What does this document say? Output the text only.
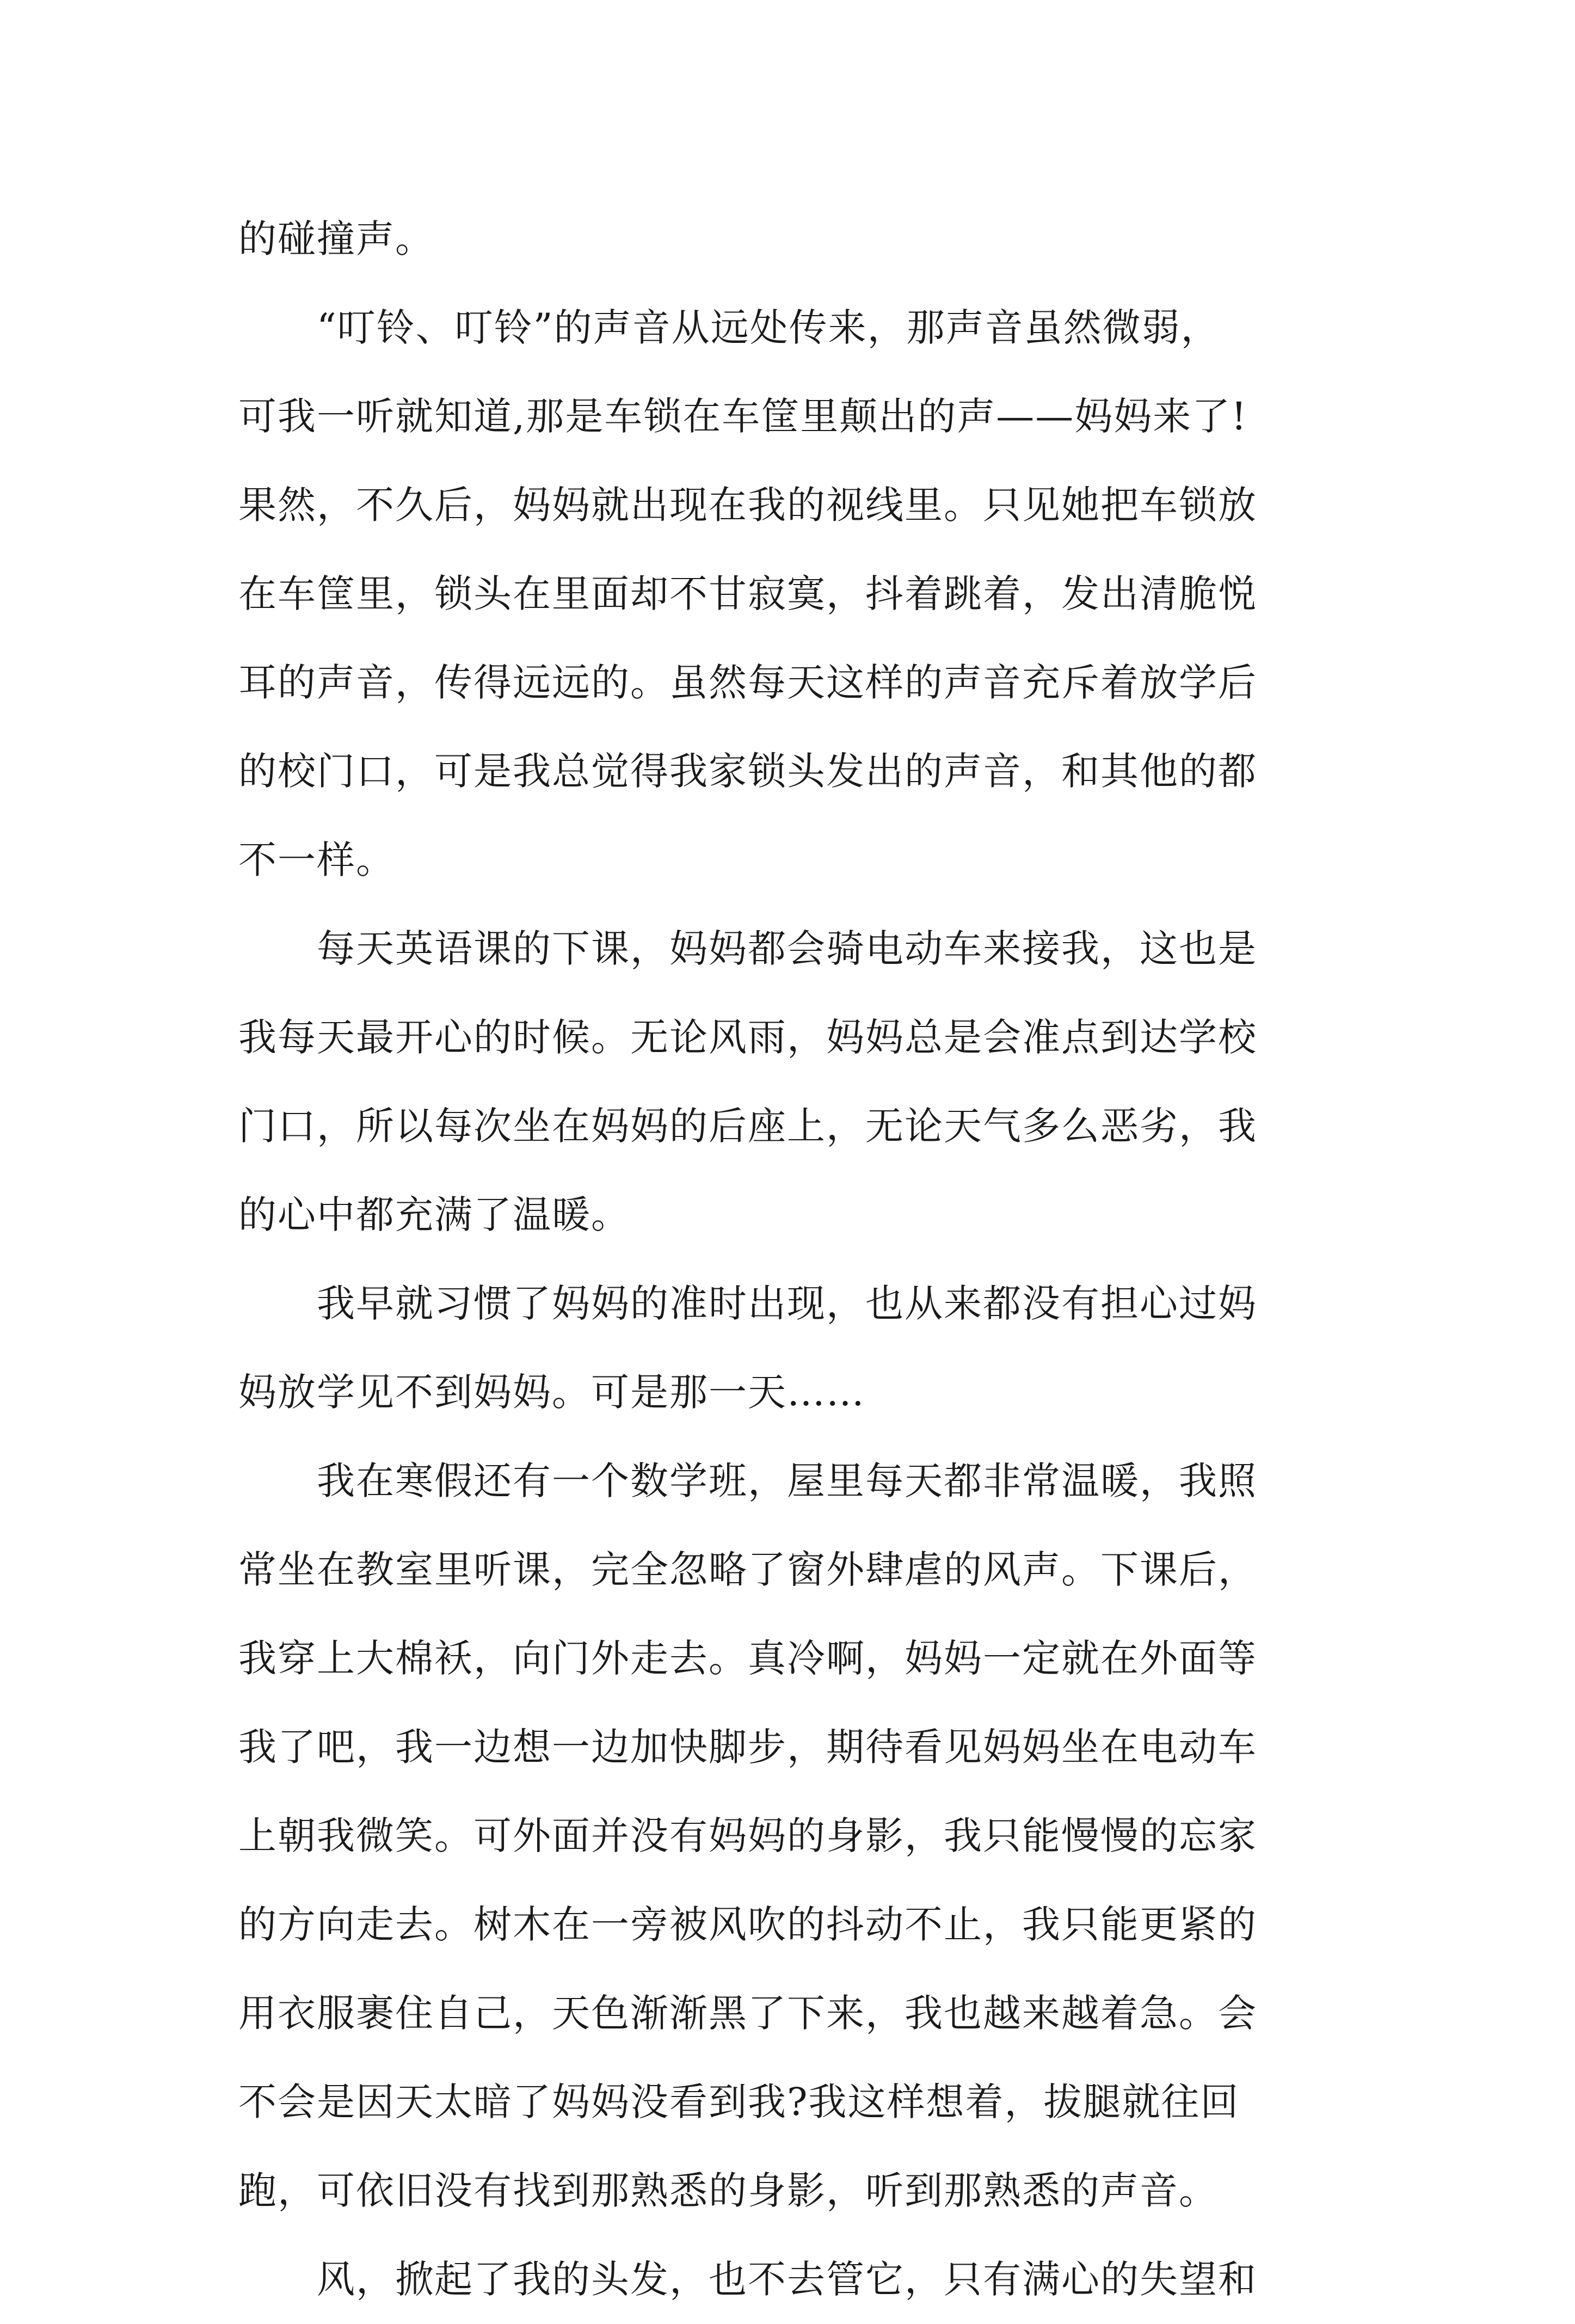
的碰撞声。
　　“叮铃、叮铃”的声音从远处传来，那声音虽然微弱，
可我一听就知道,那是车锁在车筐里颠出的声——妈妈来了!
果然，不久后，妈妈就出现在我的视线里。只见她把车锁放
在车筐里，锁头在里面却不甘寂寞，抖着跳着，发出清脆悦
耳的声音，传得远远的。虽然每天这样的声音充斥着放学后
的校门口，可是我总觉得我家锁头发出的声音，和其他的都
不一样。
　　每天英语课的下课，妈妈都会骑电动车来接我，这也是
我每天最开心的时候。无论风雨，妈妈总是会准点到达学校
门口，所以每次坐在妈妈的后座上，无论天气多么恶劣，我
的心中都充满了温暖。
　　我早就习惯了妈妈的准时出现，也从来都没有担心过妈
妈放学见不到妈妈。可是那一天……
　　我在寒假还有一个数学班，屋里每天都非常温暖，我照
常坐在教室里听课，完全忽略了窗外肆虐的风声。下课后，
我穿上大棉袄，向门外走去。真冷啊，妈妈一定就在外面等
我了吧，我一边想一边加快脚步，期待看见妈妈坐在电动车
上朝我微笑。可外面并没有妈妈的身影，我只能慢慢的忘家
的方向走去。树木在一旁被风吹的抖动不止，我只能更紧的
用衣服裹住自己，天色渐渐黑了下来，我也越来越着急。会
不会是因天太暗了妈妈没看到我?我这样想着，拔腿就往回
跑，可依旧没有找到那熟悉的身影，听到那熟悉的声音。
　　风，掀起了我的头发，也不去管它，只有满心的失望和
